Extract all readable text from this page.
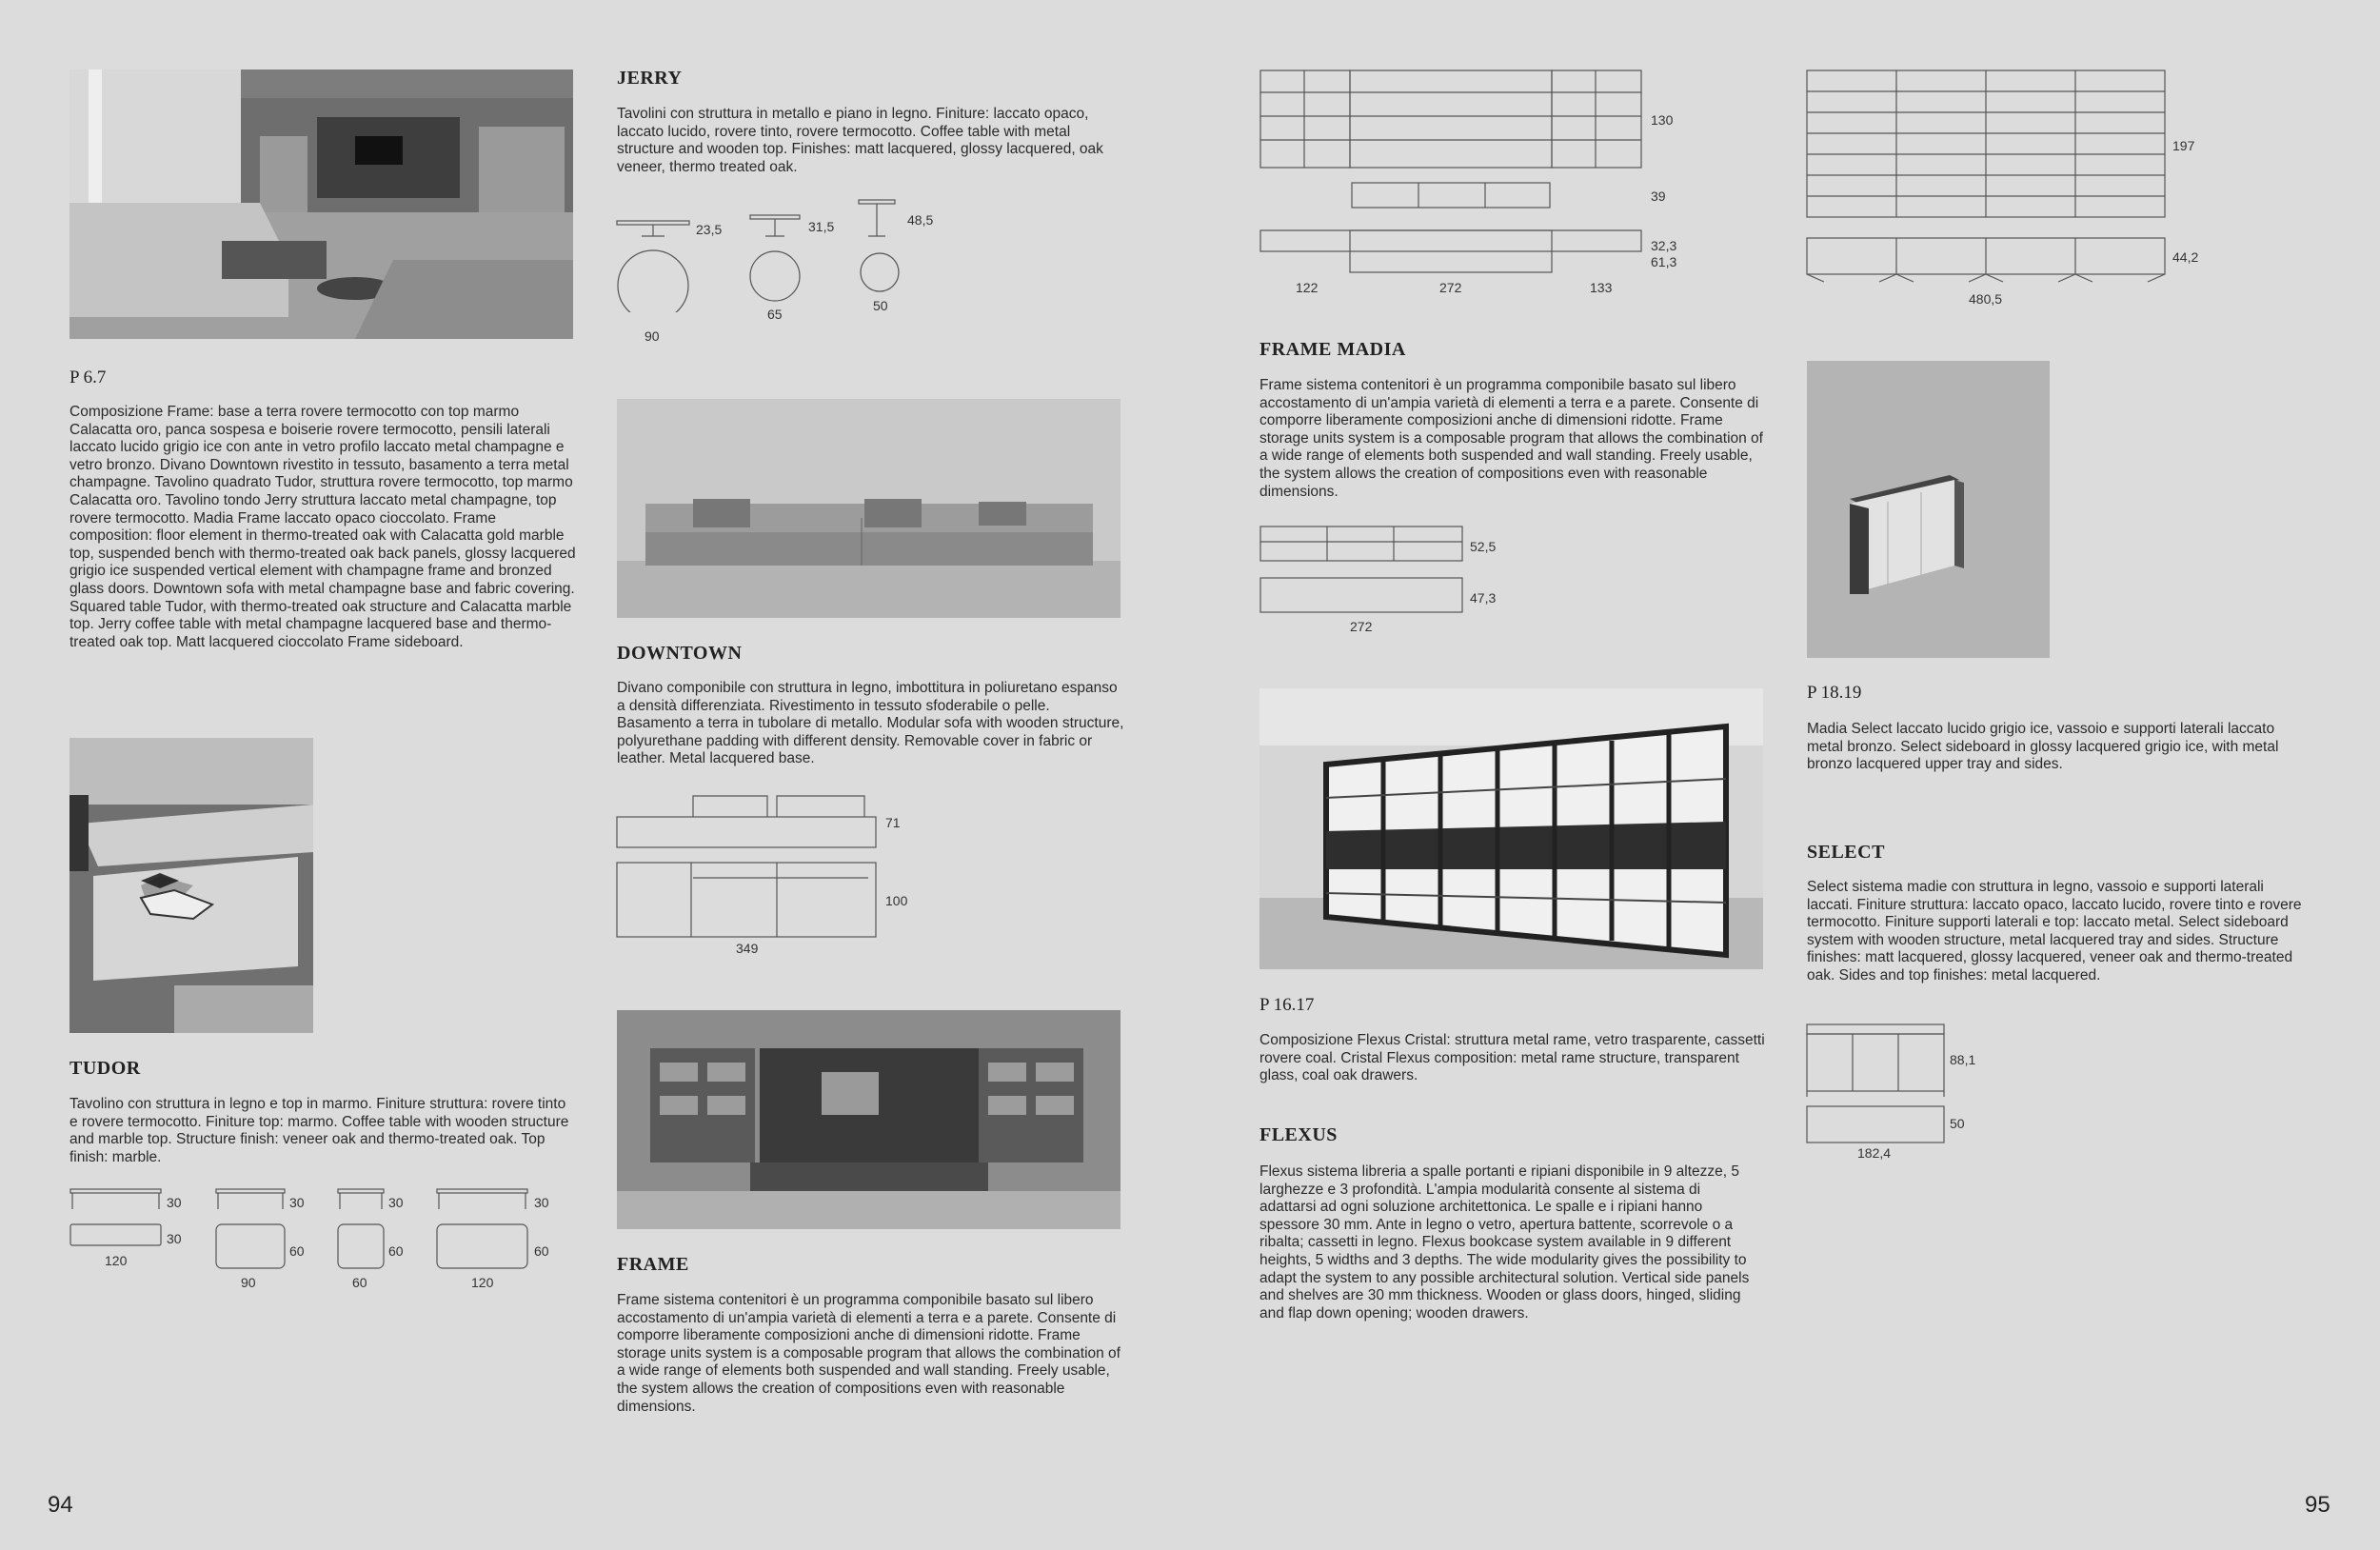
P 6.7
Composizione Frame: base a terra rovere termocotto con top marmo Calacatta oro, panca sospesa e boiserie rovere termocotto, pensili laterali laccato lucido grigio ice con ante in vetro profilo laccato metal champagne e vetro bronzo. Divano Downtown rivestito in tessuto, basamento a terra metal champagne. Tavolino quadrato Tudor, struttura rovere termocotto, top marmo Calacatta oro. Tavolino tondo Jerry struttura laccato metal champagne, top rovere termocotto. Madia Frame laccato opaco cioccolato. Frame composition: floor element in thermo-treated oak with Calacatta gold marble top, suspended bench with thermo-treated oak back panels, glossy lacquered grigio ice suspended vertical element with champagne frame and bronzed glass doors. Downtown sofa with metal champagne base and fabric covering. Squared table Tudor, with thermo-treated oak structure and Calacatta marble top. Jerry coffee table with metal champagne lacquered base and thermo-treated oak top. Matt lacquered cioccolato Frame sideboard.
TUDOR
Tavolino con struttura in legno e top in marmo. Finiture struttura: rovere tinto e rovere termocotto. Finiture top: marmo. Coffee table with wooden structure and marble top. Structure finish: veneer oak and thermo-treated oak. Top finish: marble.
30
30
120
30
60
90
30
60
60
30
60
120
JERRY
Tavolini con struttura in metallo e piano in legno. Finiture: laccato opaco, laccato lucido, rovere tinto, rovere termocotto. Coffee table with metal structure and wooden top. Finishes: matt lacquered, glossy lacquered, oak veneer, thermo treated oak.
23,5	31,5	48,5
90
65
50
DOWNTOWN
Divano componibile con struttura in legno, imbottitura in poliuretano espanso a densità differenziata. Rivestimento in tessuto sfoderabile o pelle. Basamento a terra in tubolare di metallo. Modular sofa with wooden structure, polyurethane padding with different density. Removable cover in fabric or leather. Metal lacquered base.
71
100
349
FRAME
Frame sistema contenitori è un programma componibile basato sul libero accostamento di un'ampia varietà di elementi a terra e a parete. Consente di comporre liberamente composizioni anche di dimensioni ridotte. Frame storage units system is a composable program that allows the combination of a wide range of elements both suspended and wall standing. Freely usable, the system allows the creation of compositions even with reasonable dimensions.
94
130
39
32,3
61,3
122	272	133
FRAME MADIA
Frame sistema contenitori è un programma componibile basato sul libero accostamento di un'ampia varietà di elementi a terra e a parete. Consente di comporre liberamente composizioni anche di dimensioni ridotte. Frame storage units system is a composable program that allows the combination of a wide range of elements both suspended and wall standing. Freely usable, the system allows the creation of compositions even with reasonable dimensions.
52,5
47,3
272
P 16.17
Composizione Flexus Cristal: struttura metal rame, vetro trasparente, cassetti rovere coal. Cristal Flexus composition: metal rame structure, transparent glass, coal oak drawers.
FLEXUS
Flexus sistema libreria a spalle portanti e ripiani disponibile in 9 altezze, 5 larghezze e 3 profondità. L'ampia modularità consente al sistema di adattarsi ad ogni soluzione architettonica. Le spalle e i ripiani hanno spessore 30 mm. Ante in legno o vetro, apertura battente, scorrevole o a ribalta; cassetti in legno. Flexus bookcase system available in 9 different heights, 5 widths and 3 depths. The wide modularity gives the possibility to adapt the system to any possible architectural solution. Vertical side panels and shelves are 30 mm thickness. Wooden or glass doors, hinged, sliding and flap down opening; wooden drawers.
197
44,2
480,5
P 18.19
Madia Select laccato lucido grigio ice, vassoio e supporti laterali laccato metal bronzo. Select sideboard in glossy lacquered grigio ice, with metal bronzo lacquered upper tray and sides.
SELECT
Select sistema madie con struttura in legno, vassoio e supporti laterali laccati. Finiture struttura: laccato opaco, laccato lucido, rovere tinto e rovere termocotto. Finiture supporti laterali e top: laccato metal. Select sideboard system with wooden structure, metal lacquered tray and sides. Structure finishes: matt lacquered, glossy lacquered, veneer oak and thermo-treated oak. Sides and top finishes: metal lacquered.
88,1
50
182,4
95
